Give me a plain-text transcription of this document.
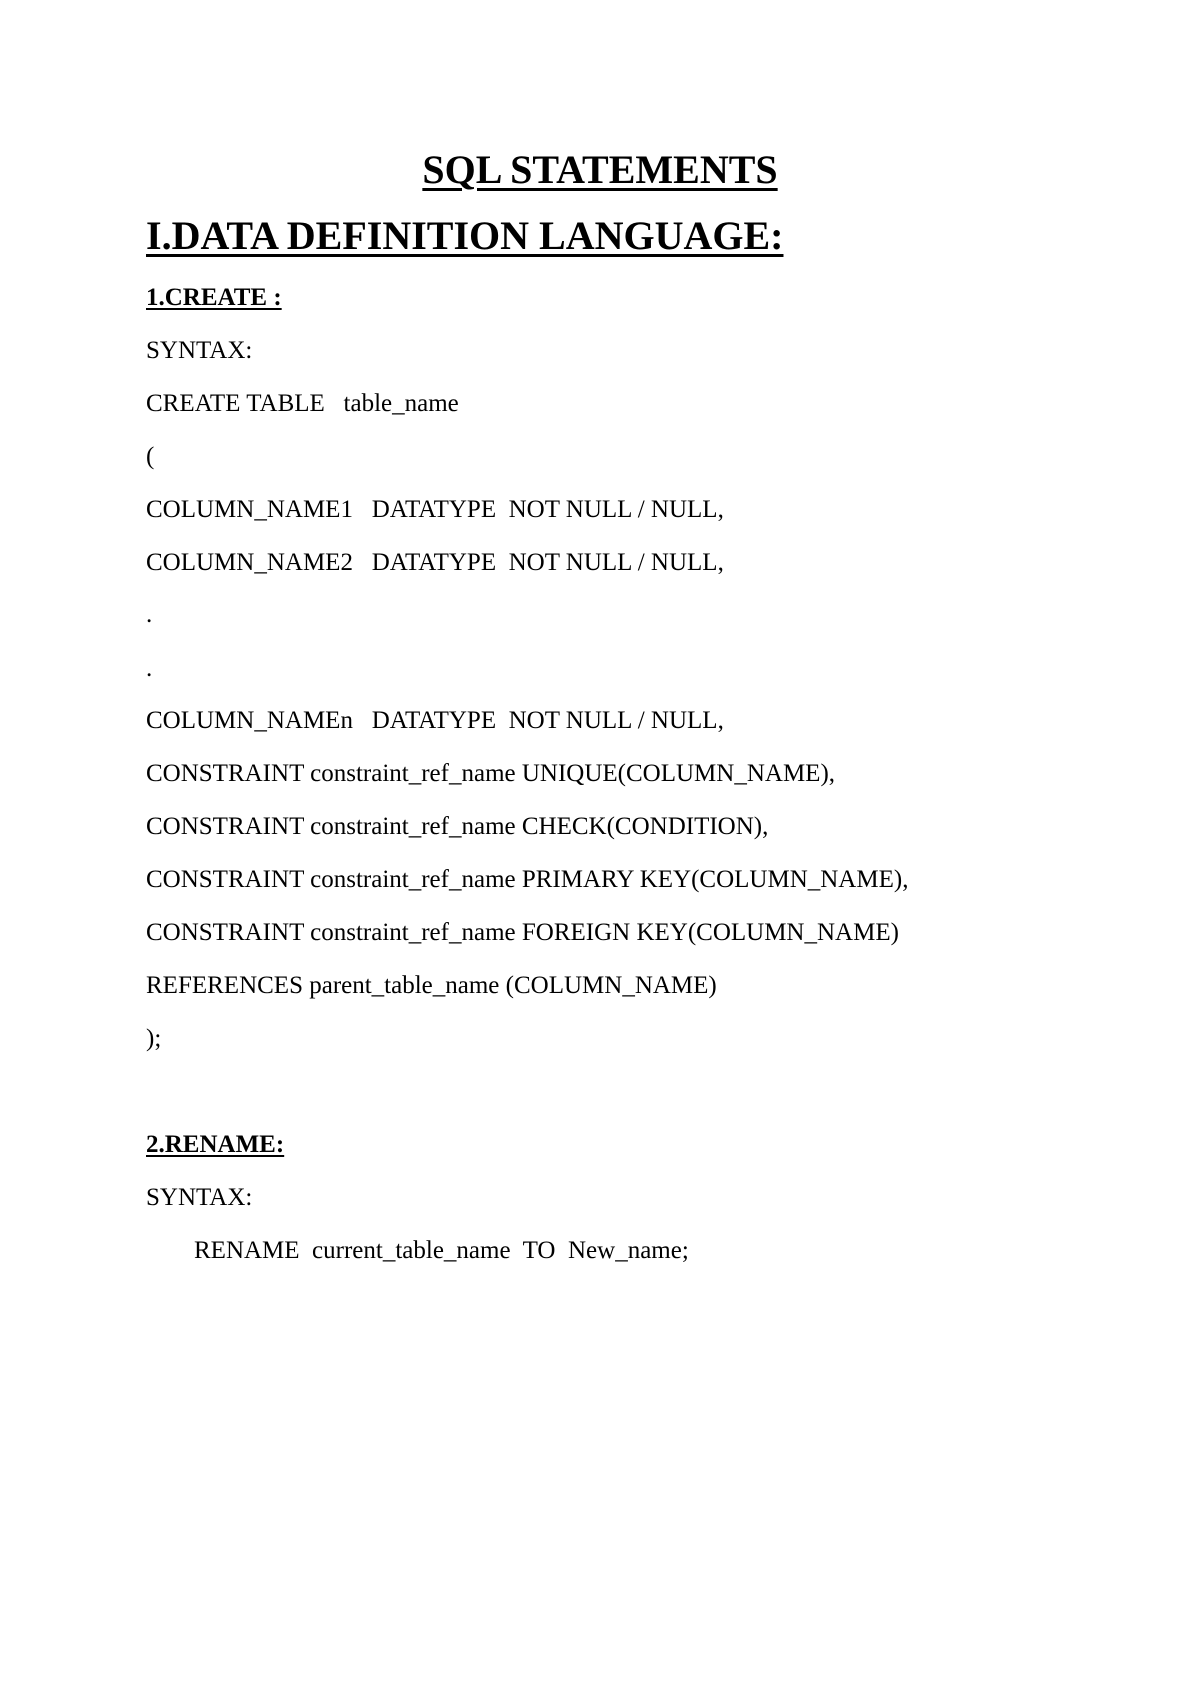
SQL STATEMENTS
I.DATA DEFINITION LANGUAGE:
1.CREATE :
SYNTAX:
CREATE TABLE   table_name
(
COLUMN_NAME1   DATATYPE  NOT NULL / NULL,
COLUMN_NAME2   DATATYPE  NOT NULL / NULL,
.
.
COLUMN_NAMEn   DATATYPE  NOT NULL / NULL,
CONSTRAINT constraint_ref_name UNIQUE(COLUMN_NAME),
CONSTRAINT constraint_ref_name CHECK(CONDITION),
CONSTRAINT constraint_ref_name PRIMARY KEY(COLUMN_NAME),
CONSTRAINT constraint_ref_name FOREIGN KEY(COLUMN_NAME)
REFERENCES parent_table_name (COLUMN_NAME)
);
2.RENAME:
SYNTAX:
RENAME  current_table_name  TO  New_name;
